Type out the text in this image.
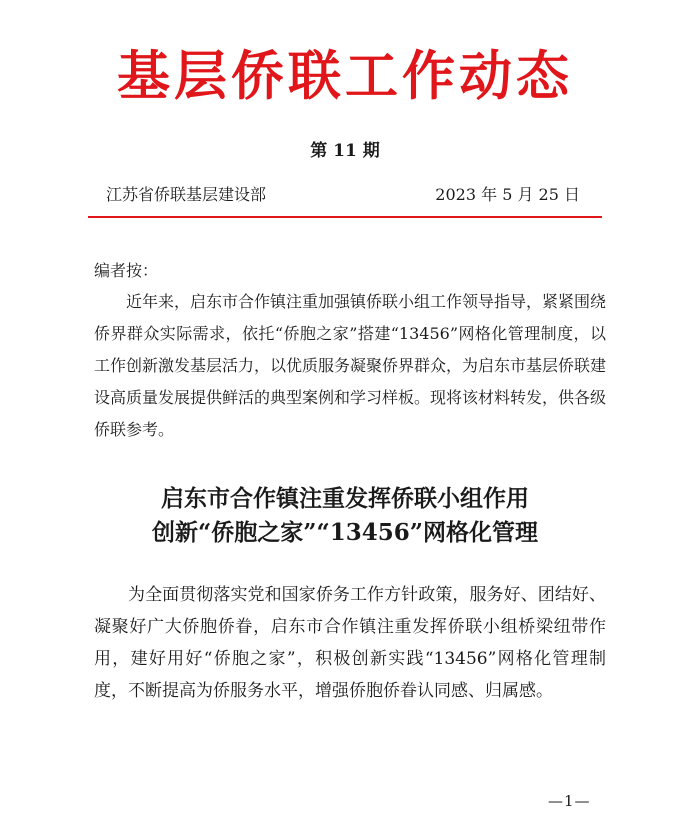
基层侨联工作动态
第 11 期
江苏省侨联基层建设部	2023 年 5 月 25 日
编者按：
近年来，启东市合作镇注重加强镇侨联小组工作领导指导，紧紧围绕侨界群众实际需求，依托“侨胞之家”搭建“13456”网格化管理制度，以工作创新激发基层活力，以优质服务凝聚侨界群众，为启东市基层侨联建设高质量发展提供鲜活的典型案例和学习样板。现将该材料转发，供各级侨联参考。
启东市合作镇注重发挥侨联小组作用
创新“侨胞之家”“13456”网格化管理
为全面贯彻落实党和国家侨务工作方针政策，服务好、团结好、凝聚好广大侨胞侨眷，启东市合作镇注重发挥侨联小组桥梁纽带作用，建好用好“侨胞之家”，积极创新实践“13456”网格化管理制度，不断提高为侨服务水平，增强侨胞侨眷认同感、归属感。
—1—
